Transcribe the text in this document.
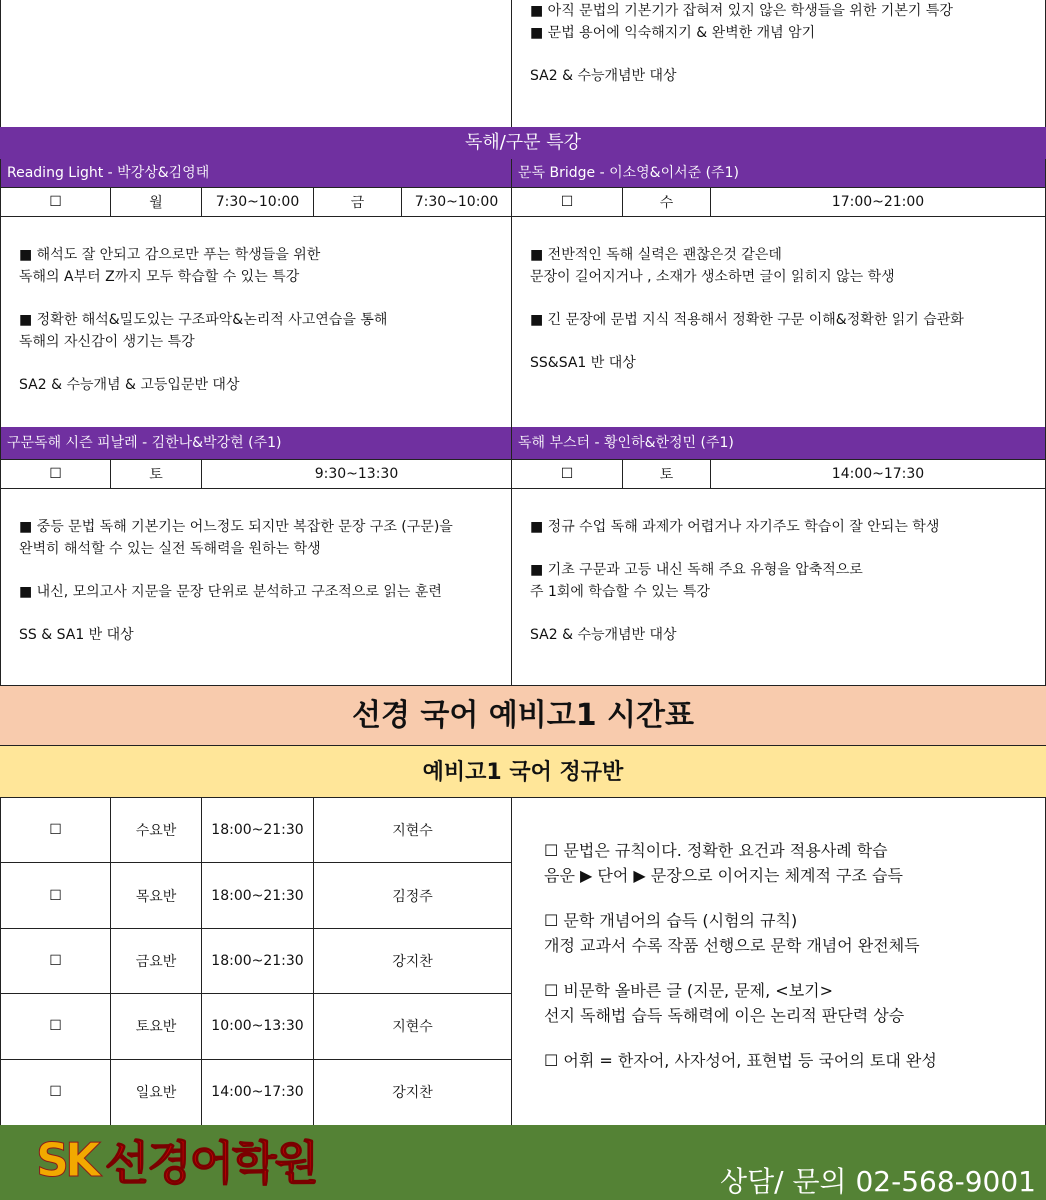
■ 아직 문법의 기본기가 잡혀져 있지 않은 학생들을 위한 기본기 특강

■ 문법 용어에 익숙해지기 & 완벽한 개념 암기

SA2 & 수능개념반 대상

독해/구문 특강
Reading Light - 박강상&김영태
☐	월	7:30~10:00	금	7:30~10:00

■ 해석도 잘 안되고 감으로만 푸는 학생들을 위한

독해의 A부터 Z까지 모두 학습할 수 있는 특강

■ 정확한 해석&밀도있는 구조파악&논리적 사고연습을 통해

독해의 자신감이 생기는 특강

SA2 & 수능개념 & 고등입문반 대상

문독 Bridge - 이소영&이서준 (주1)
☐	수	17:00~21:00

■ 전반적인 독해 실력은 괜찮은것 같은데

문장이 길어지거나 , 소재가 생소하면 글이 읽히지 않는 학생

■ 긴 문장에 문법 지식 적용해서 정확한 구문 이해&정확한 읽기 습관화

SS&SA1 반 대상

구문독해 시즌 피날레 - 김한나&박강현 (주1)
☐	토	9:30~13:30

■ 중등 문법 독해 기본기는 어느정도 되지만 복잡한 문장 구조 (구문)을

완벽히 해석할 수 있는 실전 독해력을 원하는 학생

■ 내신, 모의고사 지문을 문장 단위로 분석하고 구조적으로 읽는 훈련

SS & SA1 반 대상

독해 부스터 - 황인하&한정민 (주1)
☐	토	14:00~17:30

■ 정규 수업 독해 과제가 어렵거나 자기주도 학습이 잘 안되는 학생

■ 기초 구문과 고등 내신 독해 주요 유형을 압축적으로

주 1회에 학습할 수 있는 특강

SA2 & 수능개념반 대상

선경 국어 예비고1 시간표
예비고1 국어 정규반
☐	수요반	18:00~21:30	지현수
☐	목요반	18:00~21:30	김정주
☐	금요반	18:00~21:30	강지찬
☐	토요반	10:00~13:30	지현수
☐	일요반	14:00~17:30	강지찬

☐ 문법은 규칙이다. 정확한 요건과 적용사례 학습
음운 ▶ 단어 ▶ 문장으로 이어지는 체계적 구조 습득

☐ 문학 개념어의 습득 (시험의 규칙)
개정 교과서 수록 작품 선행으로 문학 개념어 완전체득

☐ 비문학 올바른 글 (지문, 문제, <보기>
선지 독해법 습득 독해력에 이은 논리적 판단력 상승

☐ 어휘 = 한자어, 사자성어, 표현법 등 국어의 토대 완성

SK 선경어학원	상담/ 문의 02-568-9001
